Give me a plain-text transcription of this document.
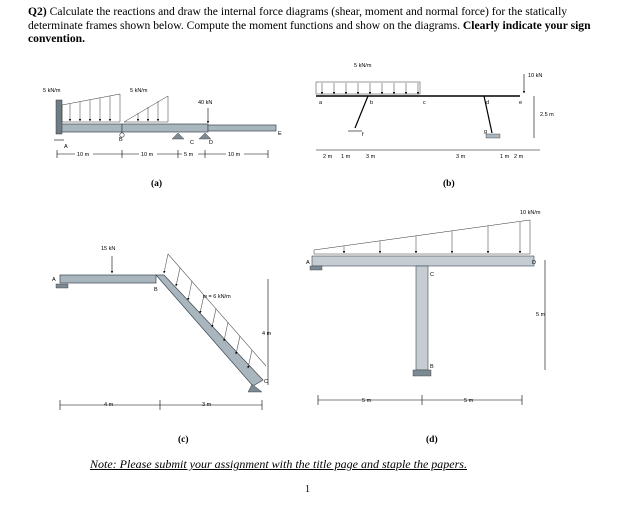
Q2) Calculate the reactions and draw the internal force diagrams (shear, moment and normal force) for the statically determinate frames shown below. Compute the moment functions and show on the diagrams. Clearly indicate your sign convention.
5 kN/m	5 kN/m
40 kN
A
B	C	D
E
10 m	10 m	5 m	10 m
(a)
5 kN/m
10 kN
2.5 m
a	b	c	d	e
f	g
2 m 1 m	3 m	3 m	1 m 2 m
(b)
15 kN
w = 6 kN/m
4 m
A
B
C
4 m	3 m
(c)
10 kN/m
5 m
A
B
C
D
5 m	5 m
(d)
Note: Please submit your assignment with the title page and staple the papers.
1
